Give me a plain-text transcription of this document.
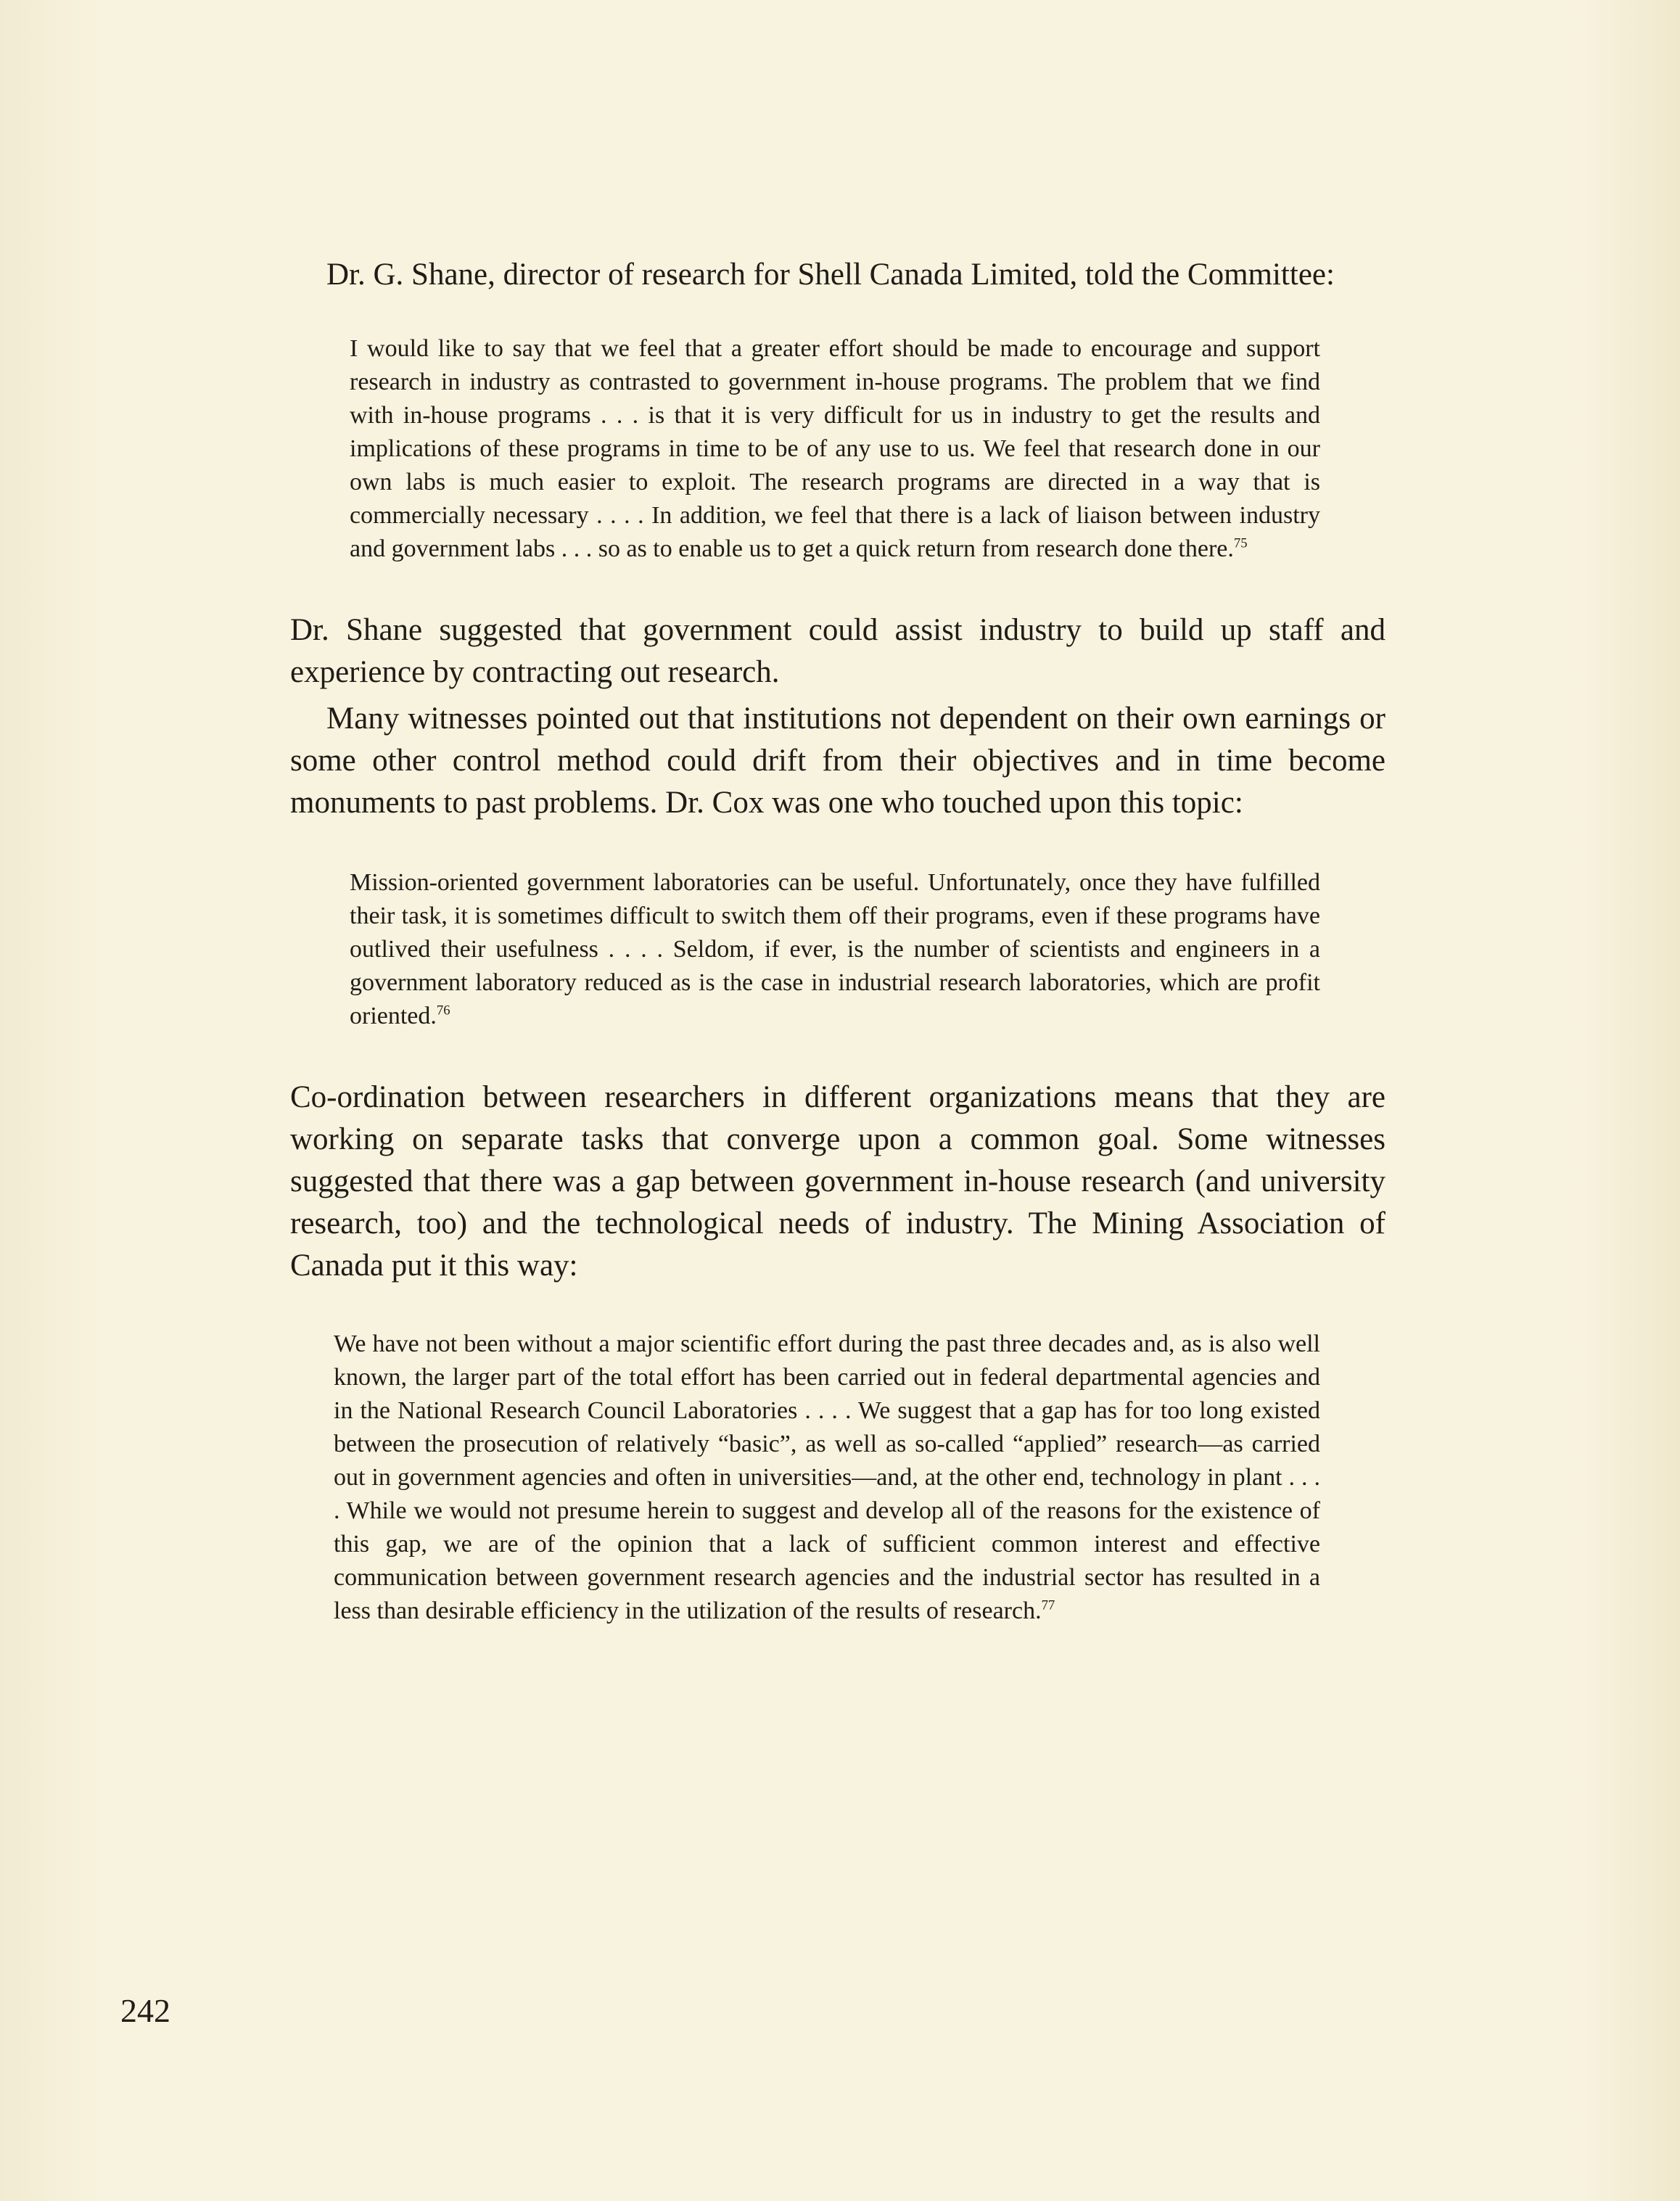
Dr. G. Shane, director of research for Shell Canada Limited, told the Committee:

I would like to say that we feel that a greater effort should be made to encourage and support research in industry as contrasted to government in-house programs. The problem that we find with in-house programs . . . is that it is very difficult for us in industry to get the results and implications of these programs in time to be of any use to us. We feel that research done in our own labs is much easier to exploit. The research programs are directed in a way that is commercially necessary . . . . In addition, we feel that there is a lack of liaison between industry and government labs . . . so as to enable us to get a quick return from research done there.$^{75}$

Dr. Shane suggested that government could assist industry to build up staff and experience by contracting out research.

Many witnesses pointed out that institutions not dependent on their own earnings or some other control method could drift from their objectives and in time become monuments to past problems. Dr. Cox was one who touched upon this topic:

Mission-oriented government laboratories can be useful. Unfortunately, once they have fulfilled their task, it is sometimes difficult to switch them off their programs, even if these programs have outlived their usefulness . . . . Seldom, if ever, is the number of scientists and engineers in a government laboratory reduced as is the case in industrial research laboratories, which are profit oriented.$^{76}$

Co-ordination between researchers in different organizations means that they are working on separate tasks that converge upon a common goal. Some witnesses suggested that there was a gap between government in-house research (and university research, too) and the technological needs of industry. The Mining Association of Canada put it this way:

We have not been without a major scientific effort during the past three decades and, as is also well known, the larger part of the total effort has been carried out in federal departmental agencies and in the National Research Council Laboratories . . . . We suggest that a gap has for too long existed between the prosecution of relatively “basic”, as well as so-called “applied” research—as carried out in government agencies and often in universities—and, at the other end, technology in plant . . . . While we would not presume herein to suggest and develop all of the reasons for the existence of this gap, we are of the opinion that a lack of sufficient common interest and effective communication between government research agencies and the industrial sector has resulted in a less than desirable efficiency in the utilization of the results of research.$^{77}$

242
